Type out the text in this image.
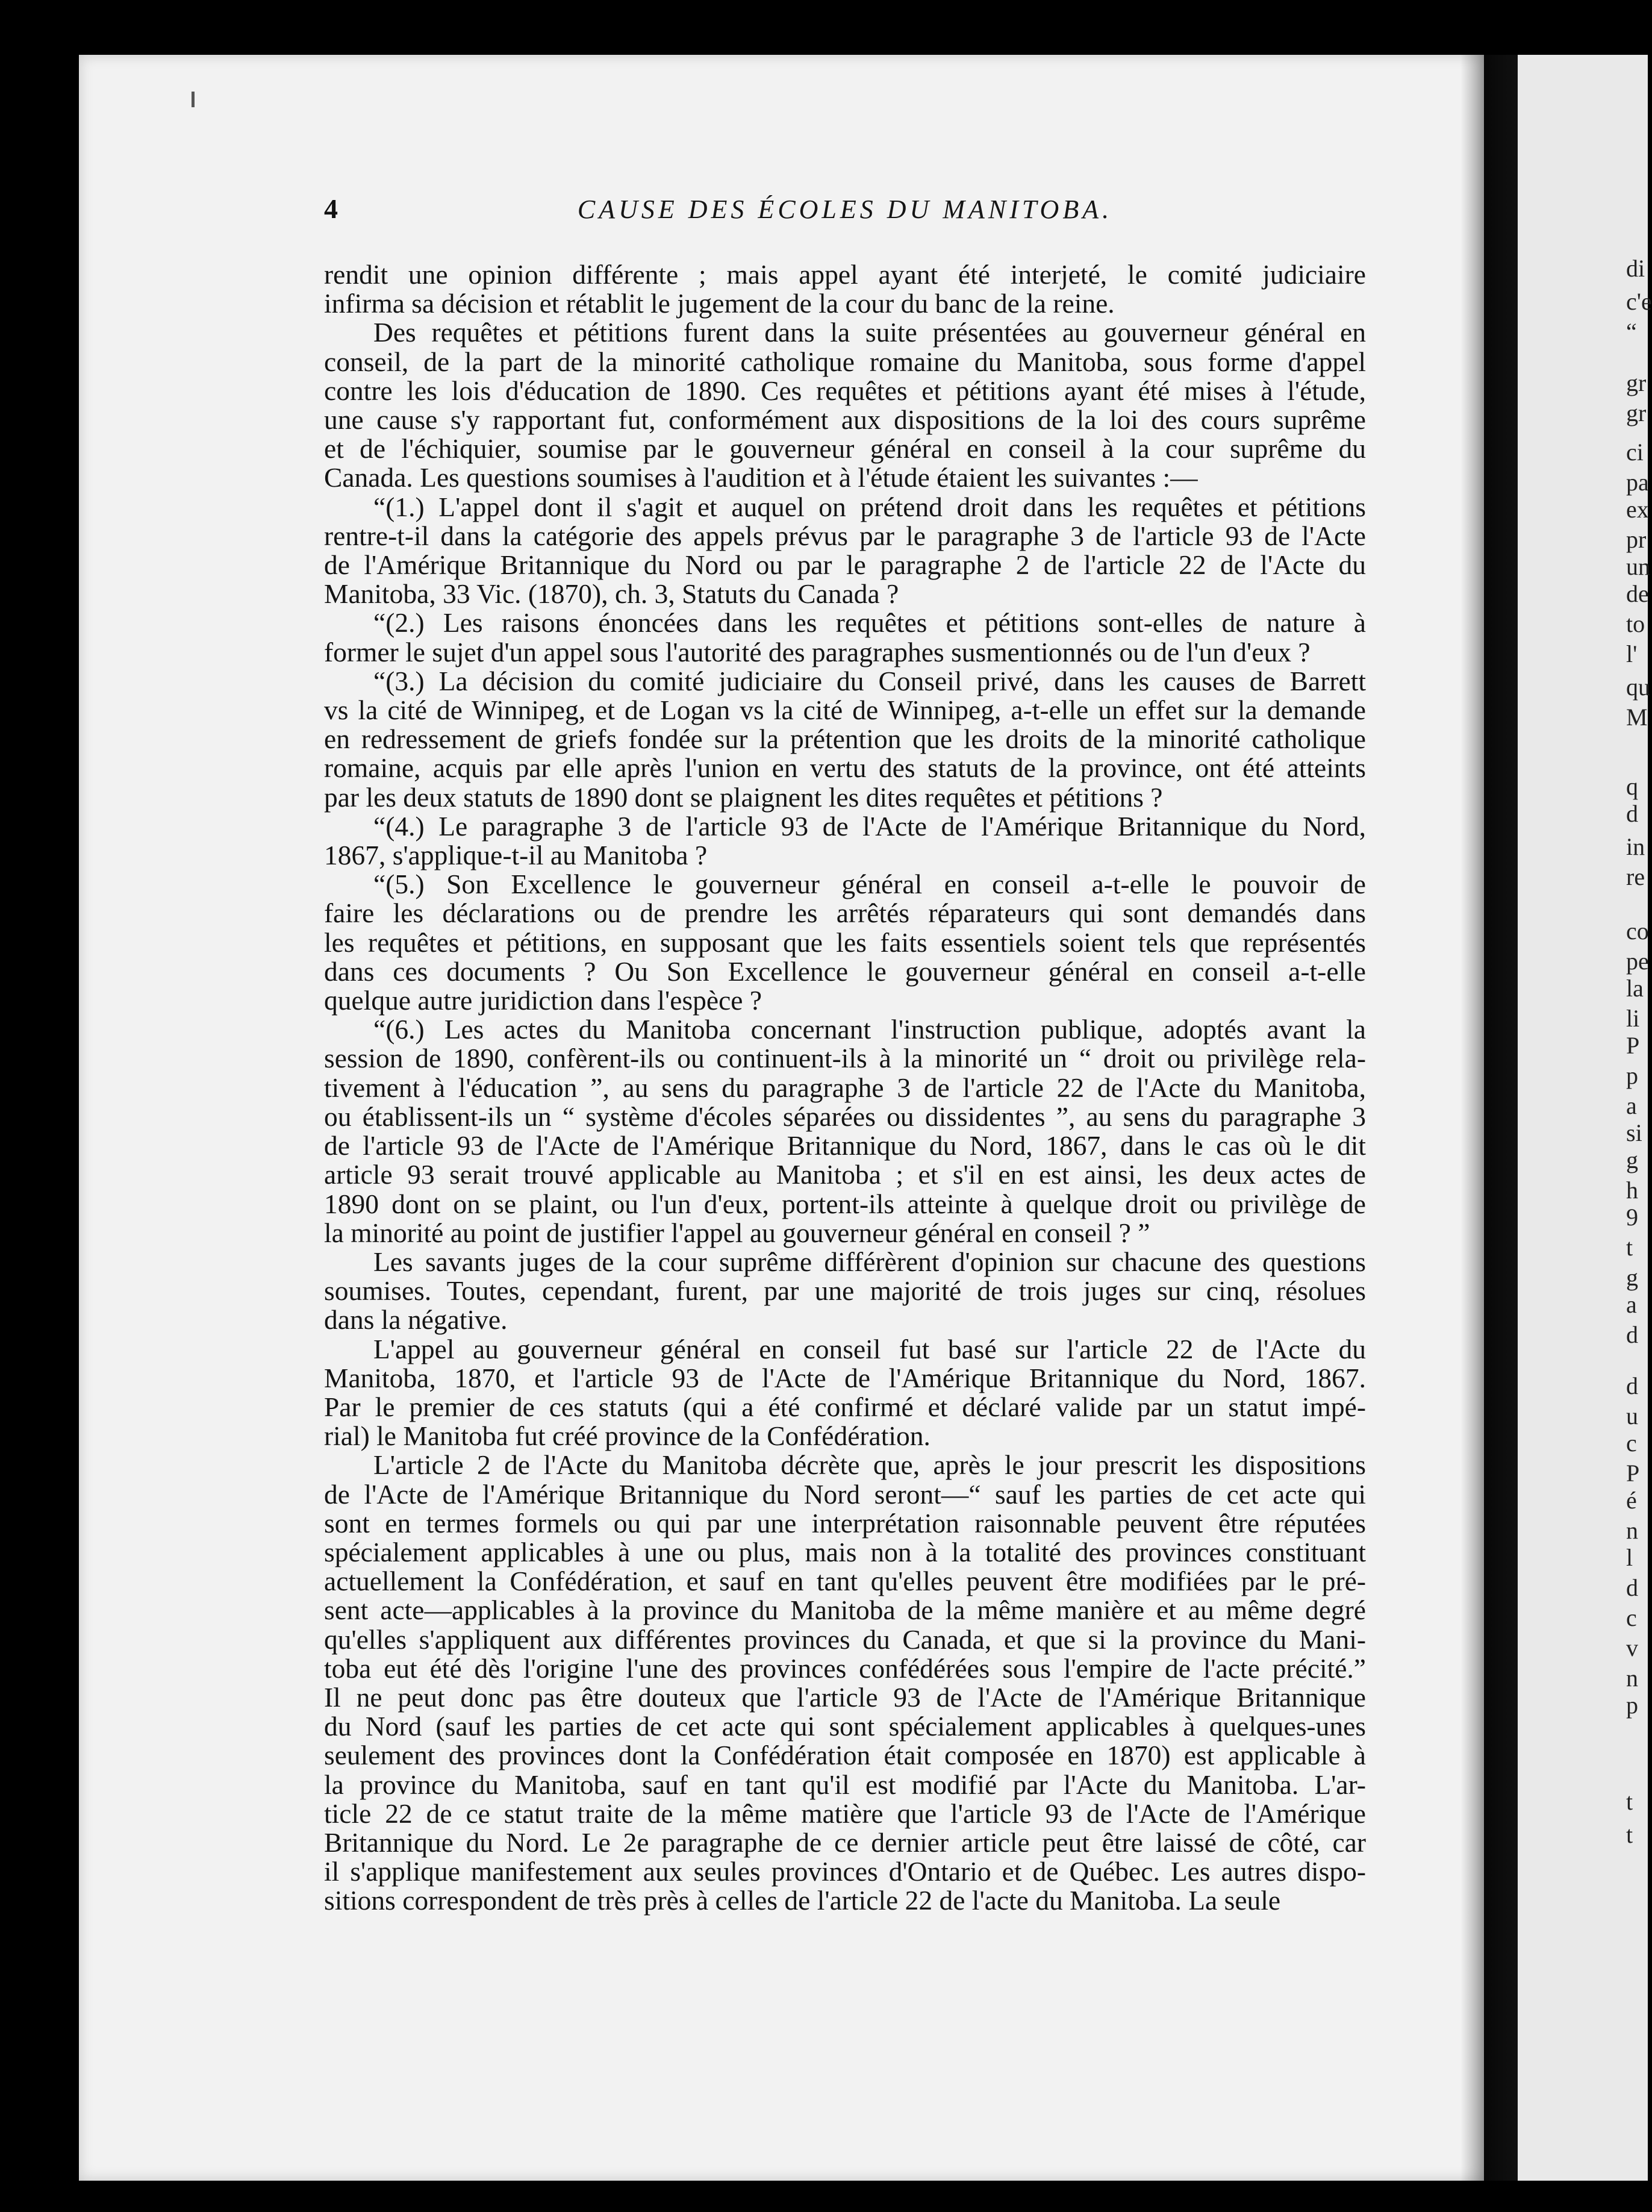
di
c'e
“
gr
gr
ci
pa
ex
pr
un
de
to
l'
qu
M
q
d
in
re
co
pe
la
li
P
p
a
si
g
h
9
t
g
a
d
d
u
c
P
é
n
l
d
c
v
n
p
t
t
4	CAUSE DES ÉCOLES DU MANITOBA.

rendit une opinion différente ; mais appel ayant été interjeté, le comité judiciaire
infirma sa décision et rétablit le jugement de la cour du banc de la reine.

Des requêtes et pétitions furent dans la suite présentées au gouverneur général en
conseil, de la part de la minorité catholique romaine du Manitoba, sous forme d'appel
contre les lois d'éducation de 1890. Ces requêtes et pétitions ayant été mises à l'étude,
une cause s'y rapportant fut, conformément aux dispositions de la loi des cours suprême
et de l'échiquier, soumise par le gouverneur général en conseil à la cour suprême du
Canada. Les questions soumises à l'audition et à l'étude étaient les suivantes :—

“(1.) L'appel dont il s'agit et auquel on prétend droit dans les requêtes et pétitions
rentre-t-il dans la catégorie des appels prévus par le paragraphe 3 de l'article 93 de l'Acte
de l'Amérique Britannique du Nord ou par le paragraphe 2 de l'article 22 de l'Acte du
Manitoba, 33 Vic. (1870), ch. 3, Statuts du Canada ?

“(2.) Les raisons énoncées dans les requêtes et pétitions sont-elles de nature à
former le sujet d'un appel sous l'autorité des paragraphes susmentionnés ou de l'un d'eux ?

“(3.) La décision du comité judiciaire du Conseil privé, dans les causes de Barrett
vs la cité de Winnipeg, et de Logan vs la cité de Winnipeg, a-t-elle un effet sur la demande
en redressement de griefs fondée sur la prétention que les droits de la minorité catholique
romaine, acquis par elle après l'union en vertu des statuts de la province, ont été atteints
par les deux statuts de 1890 dont se plaignent les dites requêtes et pétitions ?

“(4.) Le paragraphe 3 de l'article 93 de l'Acte de l'Amérique Britannique du Nord,
1867, s'applique-t-il au Manitoba ?

“(5.) Son Excellence le gouverneur général en conseil a-t-elle le pouvoir de
faire les déclarations ou de prendre les arrêtés réparateurs qui sont demandés dans
les requêtes et pétitions, en supposant que les faits essentiels soient tels que représentés
dans ces documents ? Ou Son Excellence le gouverneur général en conseil a-t-elle
quelque autre juridiction dans l'espèce ?

“(6.) Les actes du Manitoba concernant l'instruction publique, adoptés avant la
session de 1890, confèrent-ils ou continuent-ils à la minorité un “ droit ou privilège rela-
tivement à l'éducation ”, au sens du paragraphe 3 de l'article 22 de l'Acte du Manitoba,
ou établissent-ils un “ système d'écoles séparées ou dissidentes ”, au sens du paragraphe 3
de l'article 93 de l'Acte de l'Amérique Britannique du Nord, 1867, dans le cas où le dit
article 93 serait trouvé applicable au Manitoba ; et s'il en est ainsi, les deux actes de
1890 dont on se plaint, ou l'un d'eux, portent-ils atteinte à quelque droit ou privilège de
la minorité au point de justifier l'appel au gouverneur général en conseil ? ”

Les savants juges de la cour suprême différèrent d'opinion sur chacune des questions
soumises. Toutes, cependant, furent, par une majorité de trois juges sur cinq, résolues
dans la négative.

L'appel au gouverneur général en conseil fut basé sur l'article 22 de l'Acte du
Manitoba, 1870, et l'article 93 de l'Acte de l'Amérique Britannique du Nord, 1867.
Par le premier de ces statuts (qui a été confirmé et déclaré valide par un statut impé-
rial) le Manitoba fut créé province de la Confédération.

L'article 2 de l'Acte du Manitoba décrète que, après le jour prescrit les dispositions
de l'Acte de l'Amérique Britannique du Nord seront—“ sauf les parties de cet acte qui
sont en termes formels ou qui par une interprétation raisonnable peuvent être réputées
spécialement applicables à une ou plus, mais non à la totalité des provinces constituant
actuellement la Confédération, et sauf en tant qu'elles peuvent être modifiées par le pré-
sent acte—applicables à la province du Manitoba de la même manière et au même degré
qu'elles s'appliquent aux différentes provinces du Canada, et que si la province du Mani-
toba eut été dès l'origine l'une des provinces confédérées sous l'empire de l'acte précité.”
Il ne peut donc pas être douteux que l'article 93 de l'Acte de l'Amérique Britannique
du Nord (sauf les parties de cet acte qui sont spécialement applicables à quelques-unes
seulement des provinces dont la Confédération était composée en 1870) est applicable à
la province du Manitoba, sauf en tant qu'il est modifié par l'Acte du Manitoba. L'ar-
ticle 22 de ce statut traite de la même matière que l'article 93 de l'Acte de l'Amérique
Britannique du Nord. Le 2e paragraphe de ce dernier article peut être laissé de côté, car
il s'applique manifestement aux seules provinces d'Ontario et de Québec. Les autres dispo-
sitions correspondent de très près à celles de l'article 22 de l'acte du Manitoba. La seule
